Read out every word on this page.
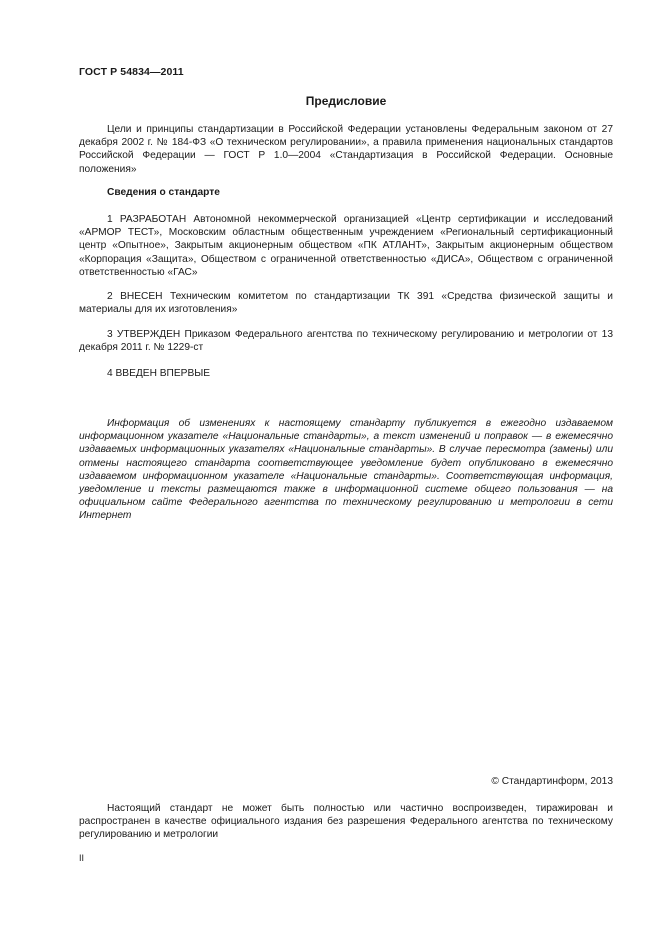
ГОСТ Р 54834—2011
Предисловие

Цели и принципы стандартизации в Российской Федерации установлены Федеральным законом от 27 декабря 2002 г. № 184-ФЗ «О техническом регулировании», а правила применения национальных стандартов Российской Федерации — ГОСТ Р 1.0—2004 «Стандартизация в Российской Федерации. Основные положения»

Сведения о стандарте

1 РАЗРАБОТАН Автономной некоммерческой организацией «Центр сертификации и исследований «АРМОР ТЕСТ», Московским областным общественным учреждением «Региональный сертификационный центр «Опытное», Закрытым акционерным обществом «ПК АТЛАНТ», Закрытым акционерным обществом «Корпорация «Защита», Обществом с ограниченной ответственностью «ДИСА», Обществом с ограниченной ответственностью «ГАС»

2 ВНЕСЕН Техническим комитетом по стандартизации ТК 391 «Средства физической защиты и материалы для их изготовления»

3 УТВЕРЖДЕН Приказом Федерального агентства по техническому регулированию и метрологии от 13 декабря 2011 г. № 1229-ст

4 ВВЕДЕН ВПЕРВЫЕ

Информация об изменениях к настоящему стандарту публикуется в ежегодно издаваемом информационном указателе «Национальные стандарты», а текст изменений и поправок — в ежемесячно издаваемых информационных указателях «Национальные стандарты». В случае пересмотра (замены) или отмены настоящего стандарта соответствующее уведомление будет опубликовано в ежемесячно издаваемом информационном указателе «Национальные стандарты». Соответствующая информация, уведомление и тексты размещаются также в информационной системе общего пользования — на официальном сайте Федерального агентства по техническому регулированию и метрологии в сети Интернет

© Стандартинформ, 2013

Настоящий стандарт не может быть полностью или частично воспроизведен, тиражирован и распространен в качестве официального издания без разрешения Федерального агентства по техническому регулированию и метрологии

II
